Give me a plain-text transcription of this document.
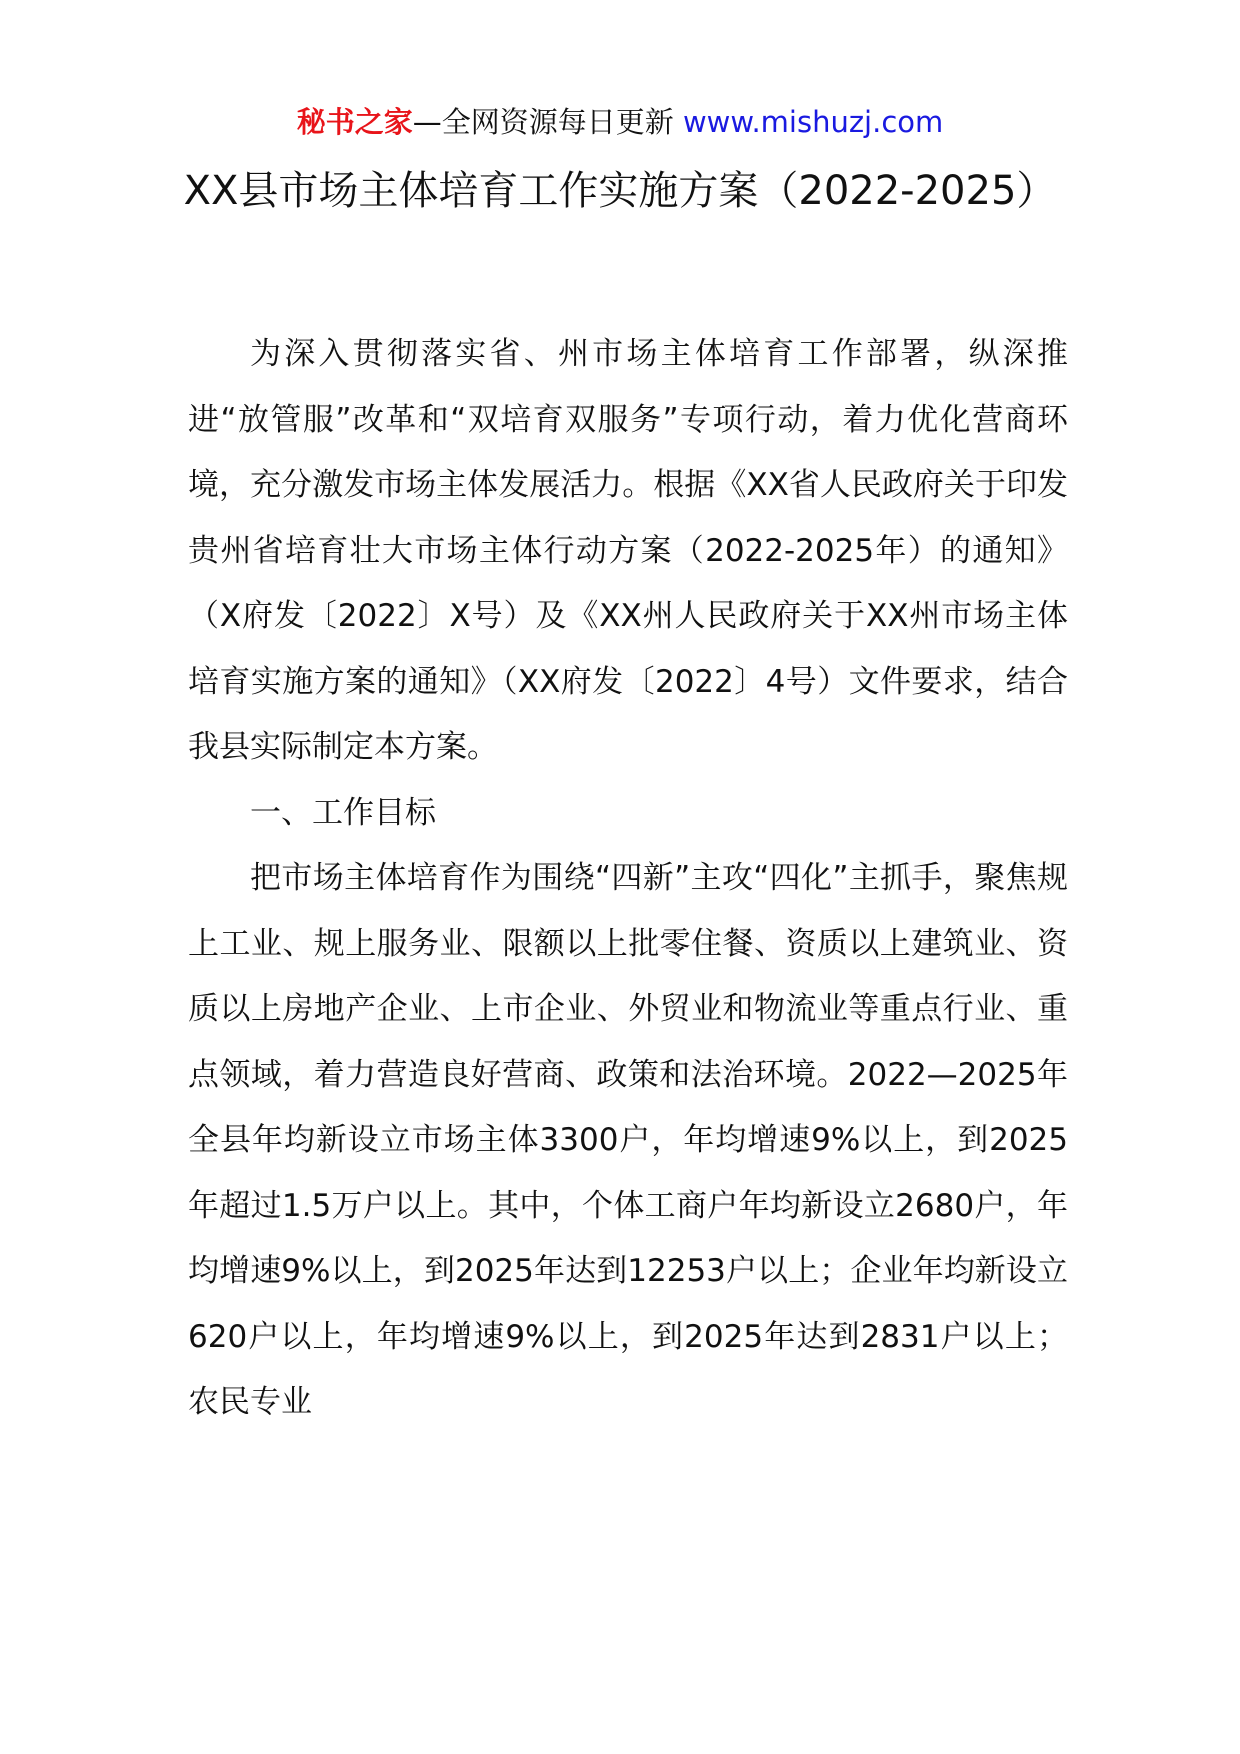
秘书之家—全网资源每日更新 www.mishuzj.com
XX县市场主体培育工作实施方案（2022-2025）

为深入贯彻落实省、州市场主体培育工作部署，纵深推进“放管服”改革和“双培育双服务”专项行动，着力优化营商环境，充分激发市场主体发展活力。根据《XX省人民政府关于印发贵州省培育壮大市场主体行动方案（2022-2025年）的通知》（X府发〔2022〕X号）及《XX州人民政府关于XX州市场主体培育实施方案的通知》（XX府发〔2022〕4号）文件要求，结合我县实际制定本方案。

一、工作目标

把市场主体培育作为围绕“四新”主攻“四化”主抓手，聚焦规上工业、规上服务业、限额以上批零住餐、资质以上建筑业、资质以上房地产企业、上市企业、外贸业和物流业等重点行业、重点领域，着力营造良好营商、政策和法治环境。2022—2025年全县年均新设立市场主体3300户，年均增速9%以上，到2025年超过1.5万户以上。其中，个体工商户年均新设立2680户，年均增速9%以上，到2025年达到12253户以上；企业年均新设立620户以上，年均增速9%以上，到2025年达到2831户以上；农民专业
